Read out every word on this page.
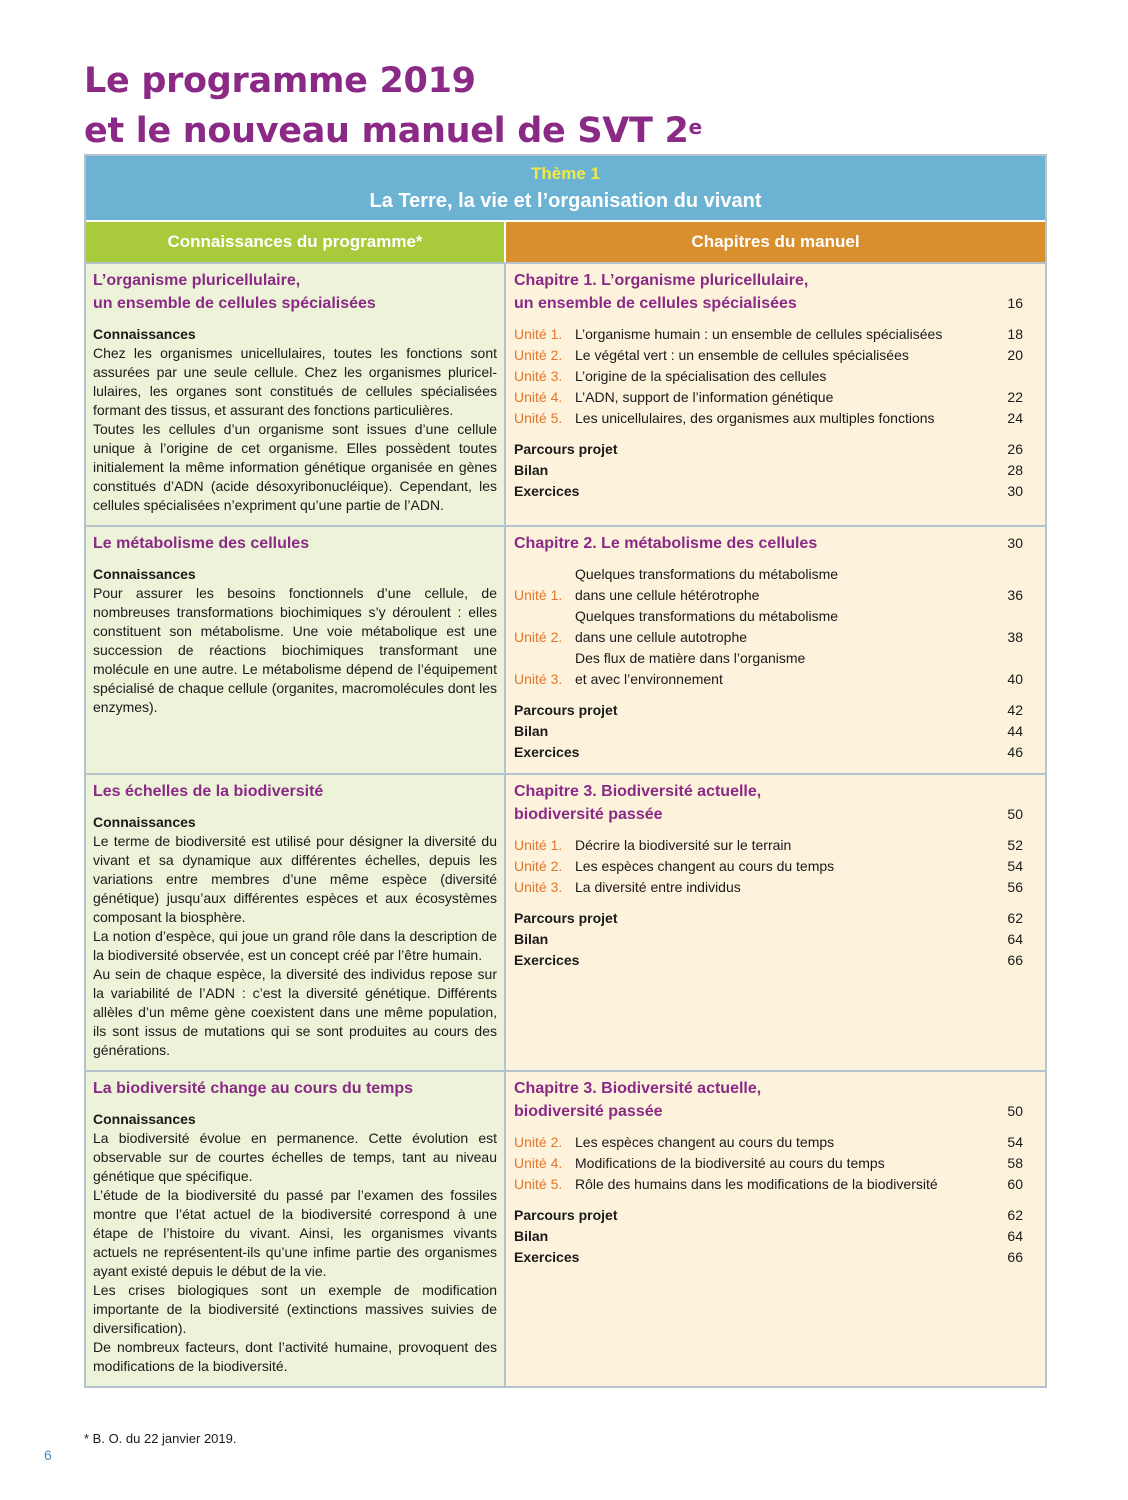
Le programme 2019
et le nouveau manuel de SVT 2e
Thème 1
La Terre, la vie et l’organisation du vivant
Connaissances du programme*	Chapitres du manuel
L’organisme pluricellulaire,
un ensemble de cellules spécialisées
Connaissances

Chez les organismes unicellulaires, toutes les fonctions sont assurées par une seule cellule. Chez les organismes pluricellulaires, les organes sont constitués de cellules spécialisées formant des tissus, et assurant des fonctions particulières.

Toutes les cellules d’un organisme sont issues d’une cellule unique à l’origine de cet organisme. Elles possèdent toutes initialement la même information génétique organisée en gènes constitués d’ADN (acide désoxyribonucléique). Cependant, les cellules spécialisées n’expriment qu’une partie de l’ADN.

Chapitre 1. L’organisme pluricellulaire,
un ensemble de cellules spécialisées	16
Unité 1. L’organisme humain : un ensemble de cellules spécialisées	18
Unité 2. Le végétal vert : un ensemble de cellules spécialisées	20
Unité 3. L’origine de la spécialisation des cellules
Unité 4. L’ADN, support de l’information génétique	22
Unité 5. Les unicellulaires, des organismes aux multiples fonctions	24
Parcours projet	26
Bilan	28
Exercices	30
Le métabolisme des cellules
Connaissances

Pour assurer les besoins fonctionnels d’une cellule, de nombreuses transformations biochimiques s’y déroulent : elles constituent son métabolisme. Une voie métabolique est une succession de réactions biochimiques transformant une molécule en une autre. Le métabolisme dépend de l’équipement spécialisé de chaque cellule (organites, macromolécules dont les enzymes).

Chapitre 2. Le métabolisme des cellules	30
Unité 1.
Quelques transformations du métabolisme
dans une cellule hétérotrophe	36
Unité 2.
Quelques transformations du métabolisme
dans une cellule autotrophe	38
Unité 3.
Des flux de matière dans l’organisme
et avec l’environnement	40
Parcours projet	42
Bilan	44
Exercices	46
Les échelles de la biodiversité
Connaissances

Le terme de biodiversité est utilisé pour désigner la diversité du vivant et sa dynamique aux différentes échelles, depuis les variations entre membres d’une même espèce (diversité génétique) jusqu’aux différentes espèces et aux écosystèmes composant la biosphère.

La notion d’espèce, qui joue un grand rôle dans la description de la biodiversité observée, est un concept créé par l’être humain.

Au sein de chaque espèce, la diversité des individus repose sur la variabilité de l’ADN : c’est la diversité génétique. Différents allèles d’un même gène coexistent dans une même population, ils sont issus de mutations qui se sont produites au cours des générations.

Chapitre 3. Biodiversité actuelle,
biodiversité passée	50
Unité 1. Décrire la biodiversité sur le terrain	52
Unité 2. Les espèces changent au cours du temps	54
Unité 3. La diversité entre individus	56
Parcours projet	62
Bilan	64
Exercices	66
La biodiversité change au cours du temps
Connaissances

La biodiversité évolue en permanence. Cette évolution est observable sur de courtes échelles de temps, tant au niveau génétique que spécifique.

L’étude de la biodiversité du passé par l’examen des fossiles montre que l’état actuel de la biodiversité correspond à une étape de l’histoire du vivant. Ainsi, les organismes vivants actuels ne représentent-ils qu’une infime partie des organismes ayant existé depuis le début de la vie.

Les crises biologiques sont un exemple de modification importante de la biodiversité (extinctions massives suivies de diversification).

De nombreux facteurs, dont l’activité humaine, provoquent des modifications de la biodiversité.

Chapitre 3. Biodiversité actuelle,
biodiversité passée	50
Unité 2. Les espèces changent au cours du temps	54
Unité 4. Modifications de la biodiversité au cours du temps	58
Unité 5. Rôle des humains dans les modifications de la biodiversité	60
Parcours projet	62
Bilan	64
Exercices	66
* B. O. du 22 janvier 2019.
6
